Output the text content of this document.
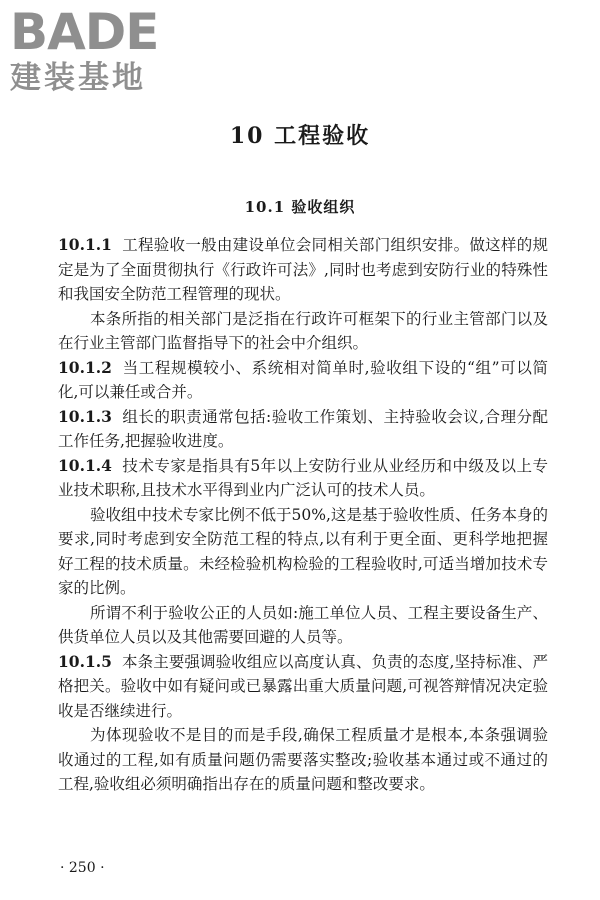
BADE
建装基地
10 工程验收
10.1 验收组织

10.1.1 工程验收一般由建设单位会同相关部门组织安排。做这样的规定是为了全面贯彻执行《行政许可法》,同时也考虑到安防行业的特殊性和我国安全防范工程管理的现状。

本条所指的相关部门是泛指在行政许可框架下的行业主管部门以及在行业主管部门监督指导下的社会中介组织。

10.1.2 当工程规模较小、系统相对简单时,验收组下设的“组”可以简化,可以兼任或合并。

10.1.3 组长的职责通常包括:验收工作策划、主持验收会议,合理分配工作任务,把握验收进度。

10.1.4 技术专家是指具有5年以上安防行业从业经历和中级及以上专业技术职称,且技术水平得到业内广泛认可的技术人员。

验收组中技术专家比例不低于50%,这是基于验收性质、任务本身的要求,同时考虑到安全防范工程的特点,以有利于更全面、更科学地把握好工程的技术质量。未经检验机构检验的工程验收时,可适当增加技术专家的比例。

所谓不利于验收公正的人员如:施工单位人员、工程主要设备生产、供货单位人员以及其他需要回避的人员等。

10.1.5 本条主要强调验收组应以高度认真、负责的态度,坚持标准、严格把关。验收中如有疑问或已暴露出重大质量问题,可视答辩情况决定验收是否继续进行。

为体现验收不是目的而是手段,确保工程质量才是根本,本条强调验收通过的工程,如有质量问题仍需要落实整改;验收基本通过或不通过的工程,验收组必须明确指出存在的质量问题和整改要求。

· 250 ·
